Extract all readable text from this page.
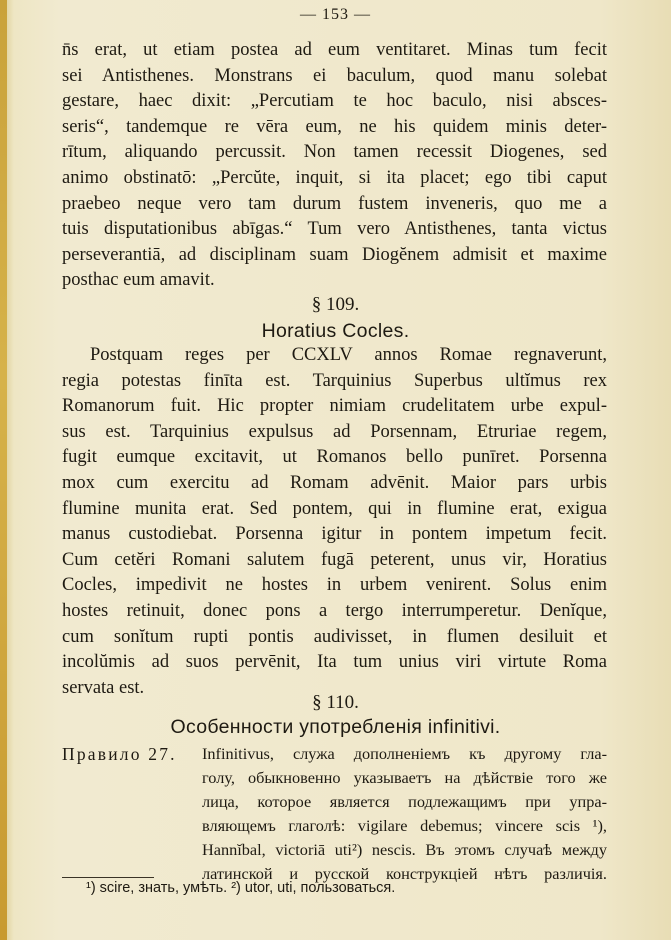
— 153 —
n̄s erat, ut etiam postea ad eum ventitaret. Minas tum fecit
sei Antisthenes. Monstrans ei baculum, quod manu solebat
gestare, haec dixit: „Percutiam te hoc baculo, nisi absces-
seris“, tandemque re vēra eum, ne his quidem minis deter-
rītum, aliquando percussit. Non tamen recessit Diogenes, sed
animo obstinatō: „Percŭte, inquit, si ita placet; ego tibi caput
praebeo neque vero tam durum fustem inveneris, quo me a
tuis disputationibus abīgas.“ Tum vero Antisthenes, tanta victus
perseverantiā, ad disciplinam suam Diogĕnem admisit et maxime
posthac eum amavit.
§ 109.
Horatius Cocles.
Postquam reges per CCXLV annos Romae regnaverunt,
regia potestas finīta est. Tarquinius Superbus ultĭmus rex
Romanorum fuit. Hic propter nimiam crudelitatem urbe expul-
sus est. Tarquinius expulsus ad Porsennam, Etruriae regem,
fugit eumque excitavit, ut Romanos bello punīret. Porsenna
mox cum exercitu ad Romam advēnit. Maior pars urbis
flumine munita erat. Sed pontem, qui in flumine erat, exigua
manus custodiebat. Porsenna igitur in pontem impetum fecit.
Cum cetĕri Romani salutem fugā peterent, unus vir, Horatius
Cocles, impedivit ne hostes in urbem venirent. Solus enim
hostes retinuit, donec pons a tergo interrumperetur. Denĭque,
cum sonĭtum rupti pontis audivisset, in flumen desiluit et
incolŭmis ad suos pervēnit, Ita tum unius viri virtute Roma
servata est.
§ 110.
Особенности употребленія infinitivi.
Правило 27. Infinitivus, служа дополненіемъ къ другому гла-
голу, обыкновенно указываетъ на дѣйствіе того же
лица, которое является подлежащимъ при упра-
вляющемъ глаголѣ: vigilare debemus; vincere scis ¹),
Hannĭbal, victoriā uti²) nescis. Въ этомъ случаѣ между
латинской и русской конструкціей нѣтъ различія.
¹) scire, знать, умѣть. ²) utor, uti, пользоваться.
